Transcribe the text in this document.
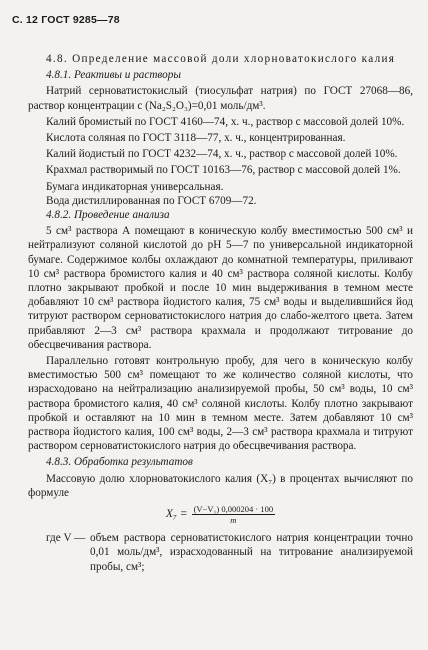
С. 12 ГОСТ 9285—78

4.8. Определение массовой доли хлорноватокислого калия

4.8.1. Реактивы и растворы

Натрий серноватистокислый (тиосульфат натрия) по ГОСТ 27068—86, раствор концентрации с (Na₂S₂O₃)=0,01 моль/дм³.

Калий бромистый по ГОСТ 4160—74, х. ч., раствор с массовой долей 10%.

Кислота соляная по ГОСТ 3118—77, х. ч., концентрированная.

Калий йодистый по ГОСТ 4232—74, х. ч., раствор с массовой долей 10%.

Крахмал растворимый по ГОСТ 10163—76, раствор с массовой долей 1%.

Бумага индикаторная универсальная.

Вода дистиллированная по ГОСТ 6709—72.

4.8.2. Проведение анализа

5 см³ раствора А помещают в коническую колбу вместимостью 500 см³ и нейтрализуют соляной кислотой до рН 5—7 по универсальной индикаторной бумаге. Содержимое колбы охлаждают до комнатной температуры, приливают 10 см³ раствора бромистого калия и 40 см³ раствора соляной кислоты. Колбу плотно закрывают пробкой и после 10 мин выдерживания в темном месте добавляют 10 см³ раствора йодистого калия, 75 см³ воды и выделившийся йод титруют раствором серноватистокислого натрия до слабо-желтого цвета. Затем прибавляют 2—3 см³ раствора крахмала и продолжают титрование до обесцвечивания раствора.

Параллельно готовят контрольную пробу, для чего в коническую колбу вместимостью 500 см³ помещают то же количество соляной кислоты, что израсходовано на нейтрализацию анализируемой пробы, 50 см³ воды, 10 см³ раствора бромистого калия, 40 см³ соляной кислоты. Колбу плотно закрывают пробкой и оставляют на 10 мин в темном месте. Затем добавляют 10 см³ раствора йодистого калия, 100 см³ воды, 2—3 см³ раствора крахмала и титруют раствором серноватистокислого натрия до обесцвечивания раствора.

4.8.3. Обработка результатов

Массовую долю хлорноватокислого калия (X₇) в процентах вычисляют по формуле

$X_7 = \frac{\text{(V−V₁) 0,000204 · 100}}{m}$
где V — объем раствора серноватистокислого натрия концентрации точно 0,01 моль/дм³, израсходованный на титрование анализируемой пробы, см³;
